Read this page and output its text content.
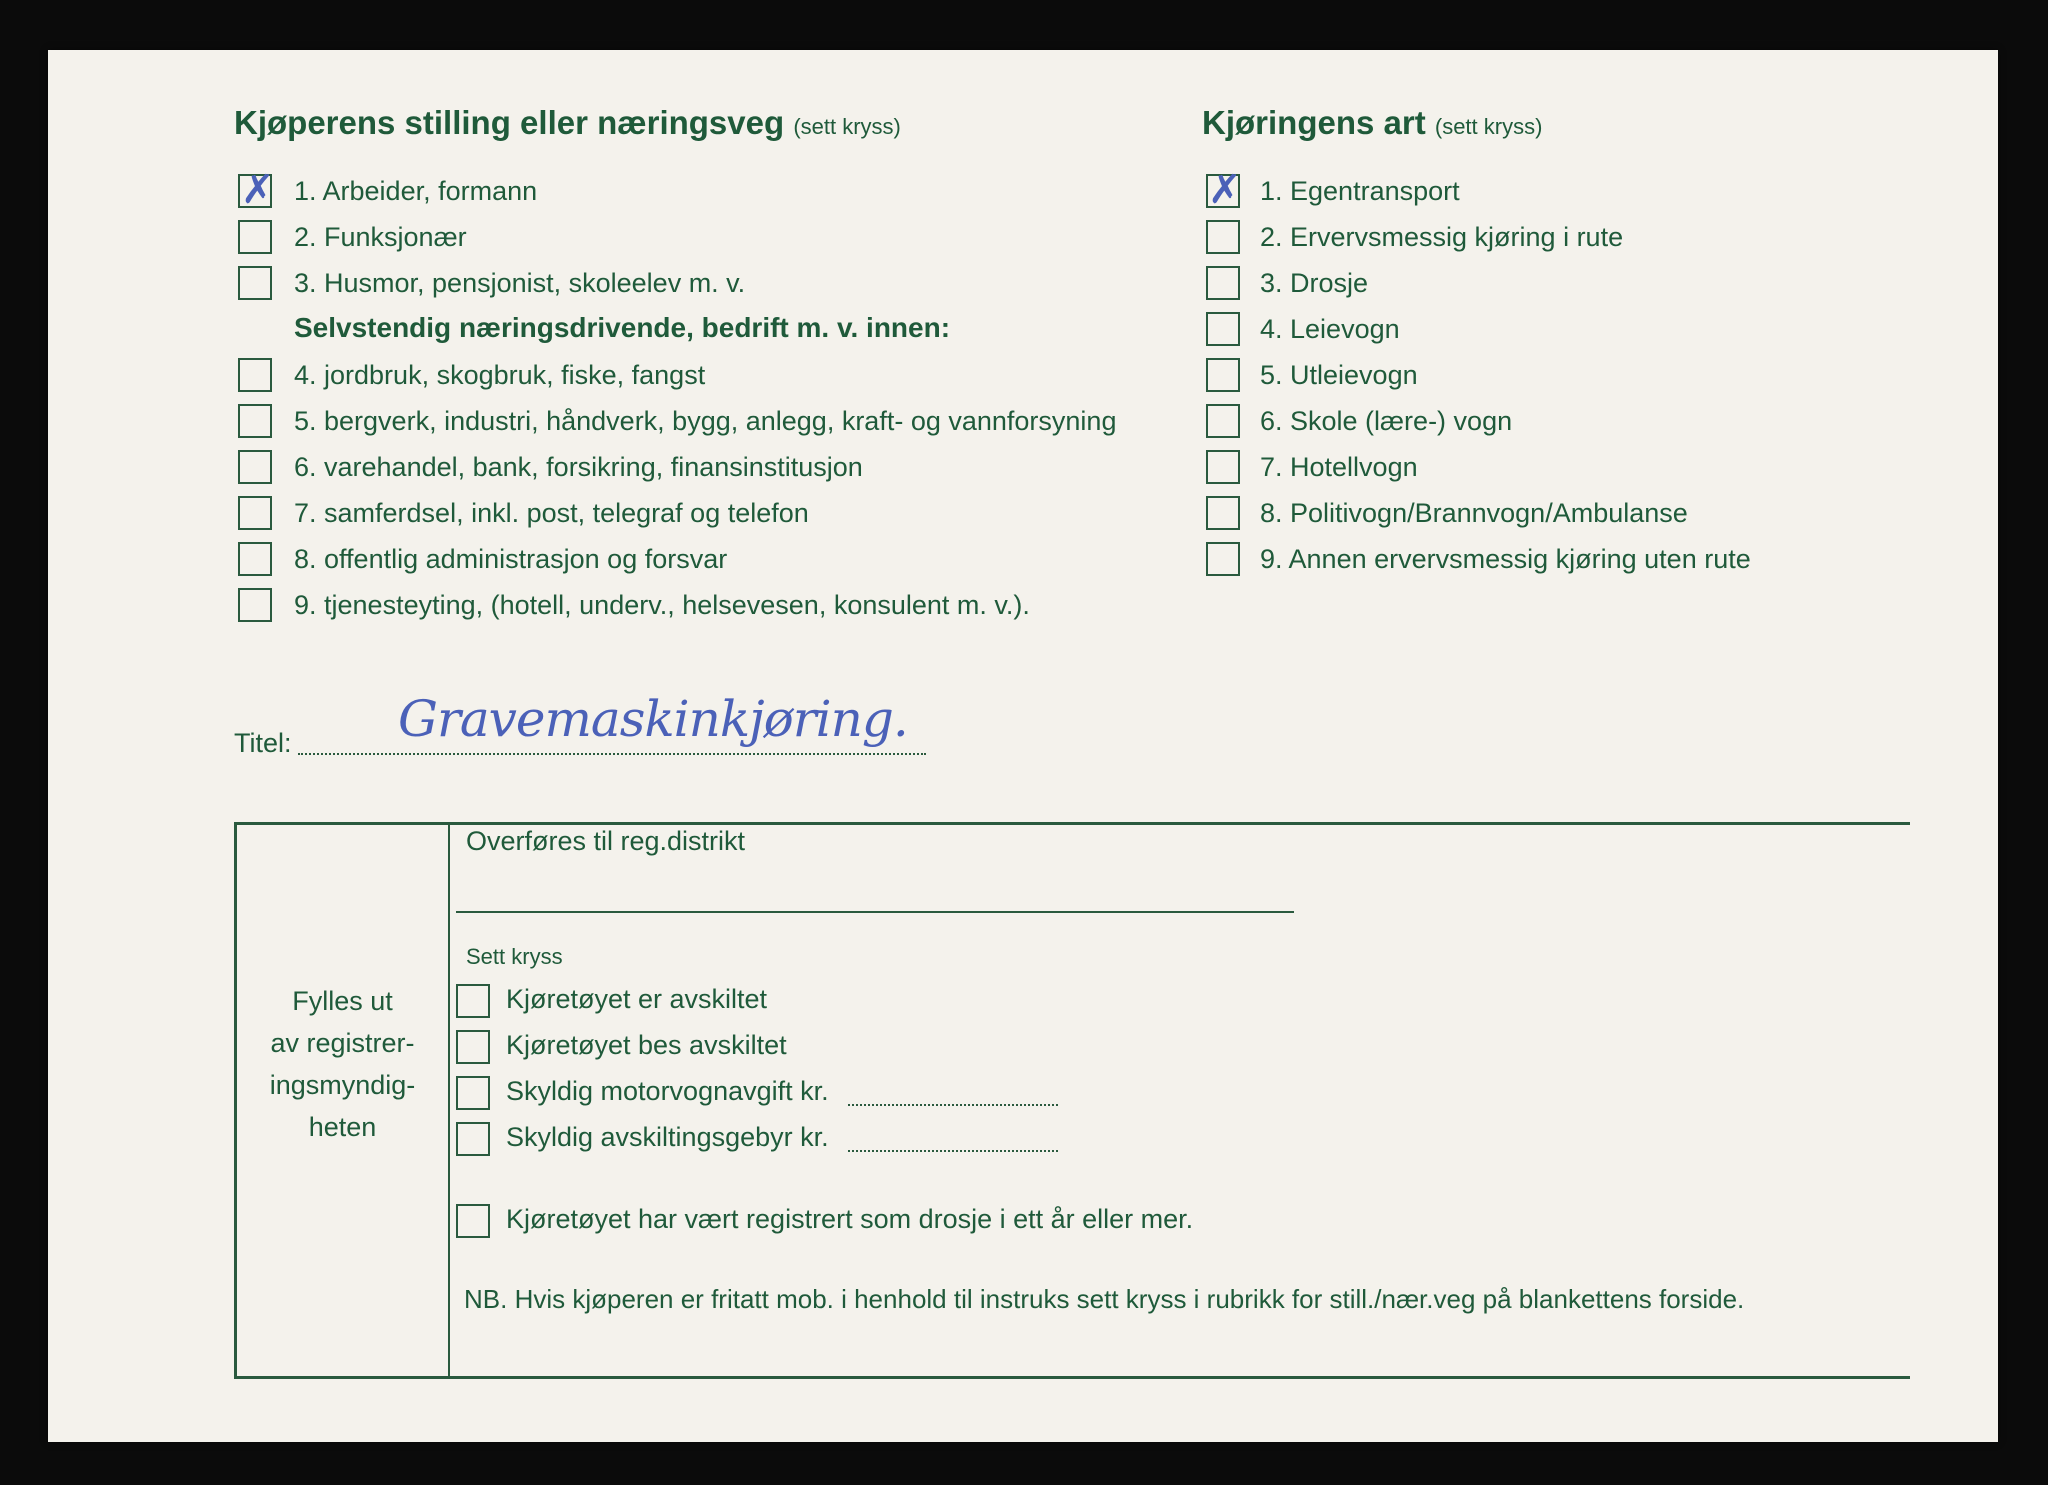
Kjøperens stilling eller næringsveg (sett kryss)
✗ 1. Arbeider, formann
2. Funksjonær
3. Husmor, pensjonist, skoleelev m. v.
Selvstendig næringsdrivende, bedrift m. v. innen:
4. jordbruk, skogbruk, fiske, fangst
5. bergverk, industri, håndverk, bygg, anlegg, kraft- og vannforsyning
6. varehandel, bank, forsikring, finansinstitusjon
7. samferdsel, inkl. post, telegraf og telefon
8. offentlig administrasjon og forsvar
9. tjenesteyting, (hotell, underv., helsevesen, konsulent m. v.).
Kjøringens art (sett kryss)
✗ 1. Egentransport
2. Ervervsmessig kjøring i rute
3. Drosje
4. Leievogn
5. Utleievogn
6. Skole (lære-) vogn
7. Hotellvogn
8. Politivogn/Brannvogn/Ambulanse
9. Annen ervervsmessig kjøring uten rute
Titel: Gravemaskinkjøring.
Fylles ut
av registrer-
ingsmyndig-
heten
Overføres til reg.distrikt
Sett kryss
Kjøretøyet er avskiltet
Kjøretøyet bes avskiltet
Skyldig motorvognavgift kr.
Skyldig avskiltingsgebyr kr.
Kjøretøyet har vært registrert som drosje i ett år eller mer.
NB. Hvis kjøperen er fritatt mob. i henhold til instruks sett kryss i rubrikk for still./nær.veg på blankettens forside.
